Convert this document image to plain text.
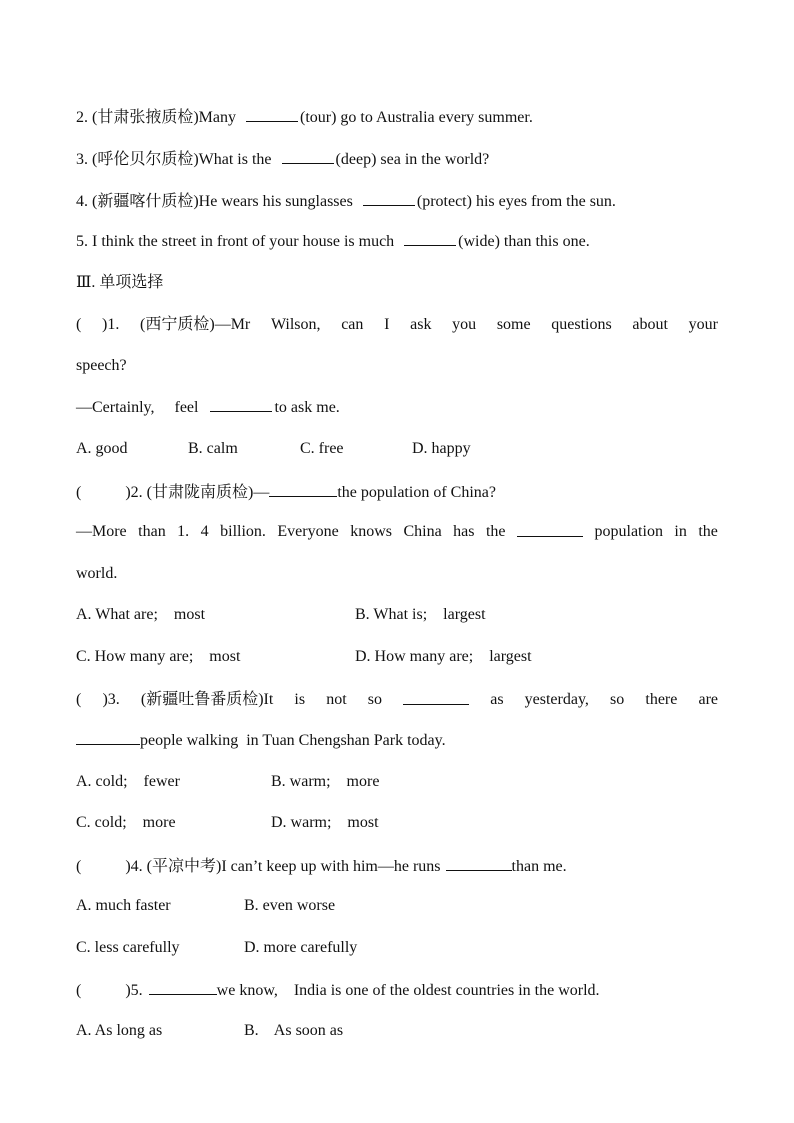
2. (甘肃张掖质检)Many	(tour) go to Australia every summer.
3. (呼伦贝尔质检)What is the	(deep) sea in the world?
4. (新疆喀什质检)He wears his sunglasses	(protect) his eyes from the sun.
5. I think the street in front of your house is much	(wide) than this one.
Ⅲ. 单项选择
( )1. (西宁质检)—Mr Wilson, can I ask you some questions about your
speech?
—Certainly,     feel	to ask me.
A. good	B. calm	C. free	D. happy
(	)2. (甘肃陇南质检)—	the population of China?
—More than 1. 4 billion. Everyone knows China has the	population in the
world.
A. What are;    most	B. What is;    largest
C. How many are;    most	D. How many are;    largest
( )3. (新疆吐鲁番质检)It is not so	as yesterday, so there are
people walking  in Tuan Chengshan Park today.
A. cold;    fewer	B. warm;    more
C. cold;    more	D. warm;    most
(	)4. (平凉中考)I can’t keep up with him—he runs	than me.
A. much faster	B. even worse
C. less carefully	D. more carefully
(	)5.	we know,    India is one of the oldest countries in the world.
A. As long as	B.    As soon as
